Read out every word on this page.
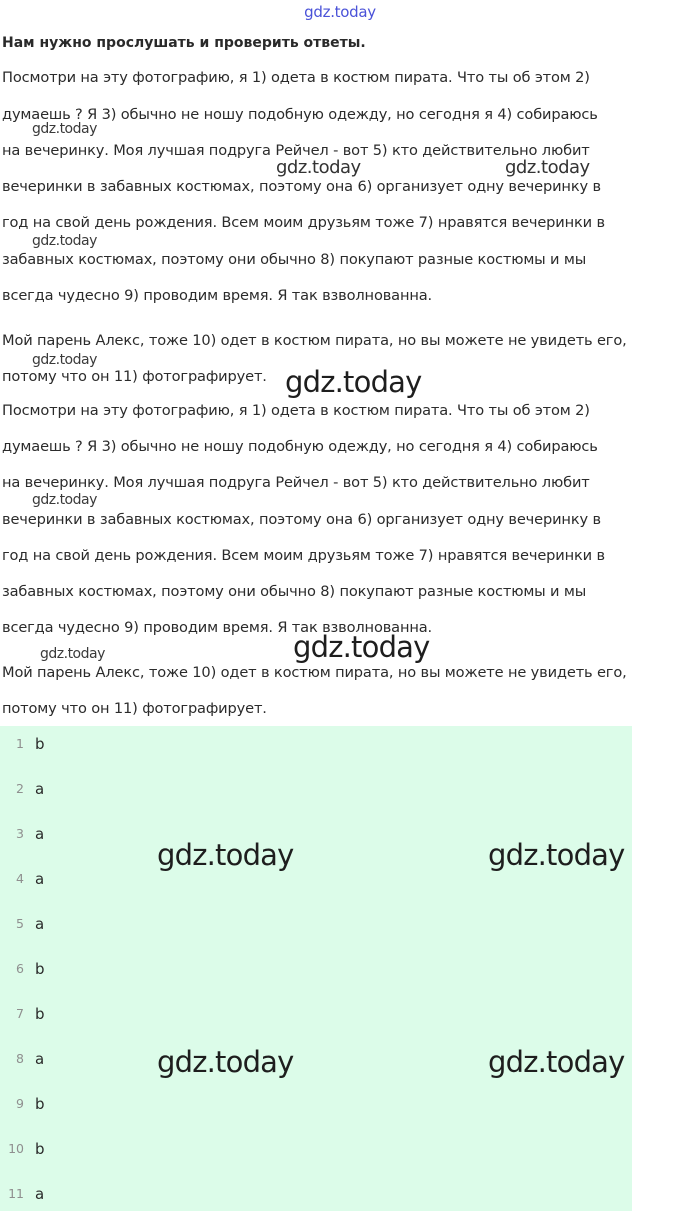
gdz.today
Нам нужно прослушать и проверить ответы.
Посмотри на эту фотографию, я 1) одета в костюм пирата. Что ты об этом 2)
думаешь ? Я 3) обычно не ношу подобную одежду, но сегодня я 4) собираюсь
на вечеринку. Моя лучшая подруга Рейчел - вот 5) кто действительно любит
вечеринки в забавных костюмах, поэтому она 6) организует одну вечеринку в
год на свой день рождения. Всем моим друзьям тоже 7) нравятся вечеринки в
забавных костюмах, поэтому они обычно 8) покупают разные костюмы и мы
всегда чудесно 9) проводим время. Я так взволнованна.
Мой парень Алекс, тоже 10) одет в костюм пирата, но вы можете не увидеть его,
потому что он 11) фотографирует.
Посмотри на эту фотографию, я 1) одета в костюм пирата. Что ты об этом 2)
думаешь ? Я 3) обычно не ношу подобную одежду, но сегодня я 4) собираюсь
на вечеринку. Моя лучшая подруга Рейчел - вот 5) кто действительно любит
вечеринки в забавных костюмах, поэтому она 6) организует одну вечеринку в
год на свой день рождения. Всем моим друзьям тоже 7) нравятся вечеринки в
забавных костюмах, поэтому они обычно 8) покупают разные костюмы и мы
всегда чудесно 9) проводим время. Я так взволнованна.
Мой парень Алекс, тоже 10) одет в костюм пирата, но вы можете не увидеть его,
потому что он 11) фотографирует.
1 b
2 a
3 a
4 a
5 a
6 b
7 b
8 a
9 b
10 b
11 a
gdz.today
gdz.today	gdz.today
gdz.today
gdz.today
gdz.today
gdz.today
gdz.today	gdz.today
gdz.today	gdz.today
gdz.today	gdz.today
